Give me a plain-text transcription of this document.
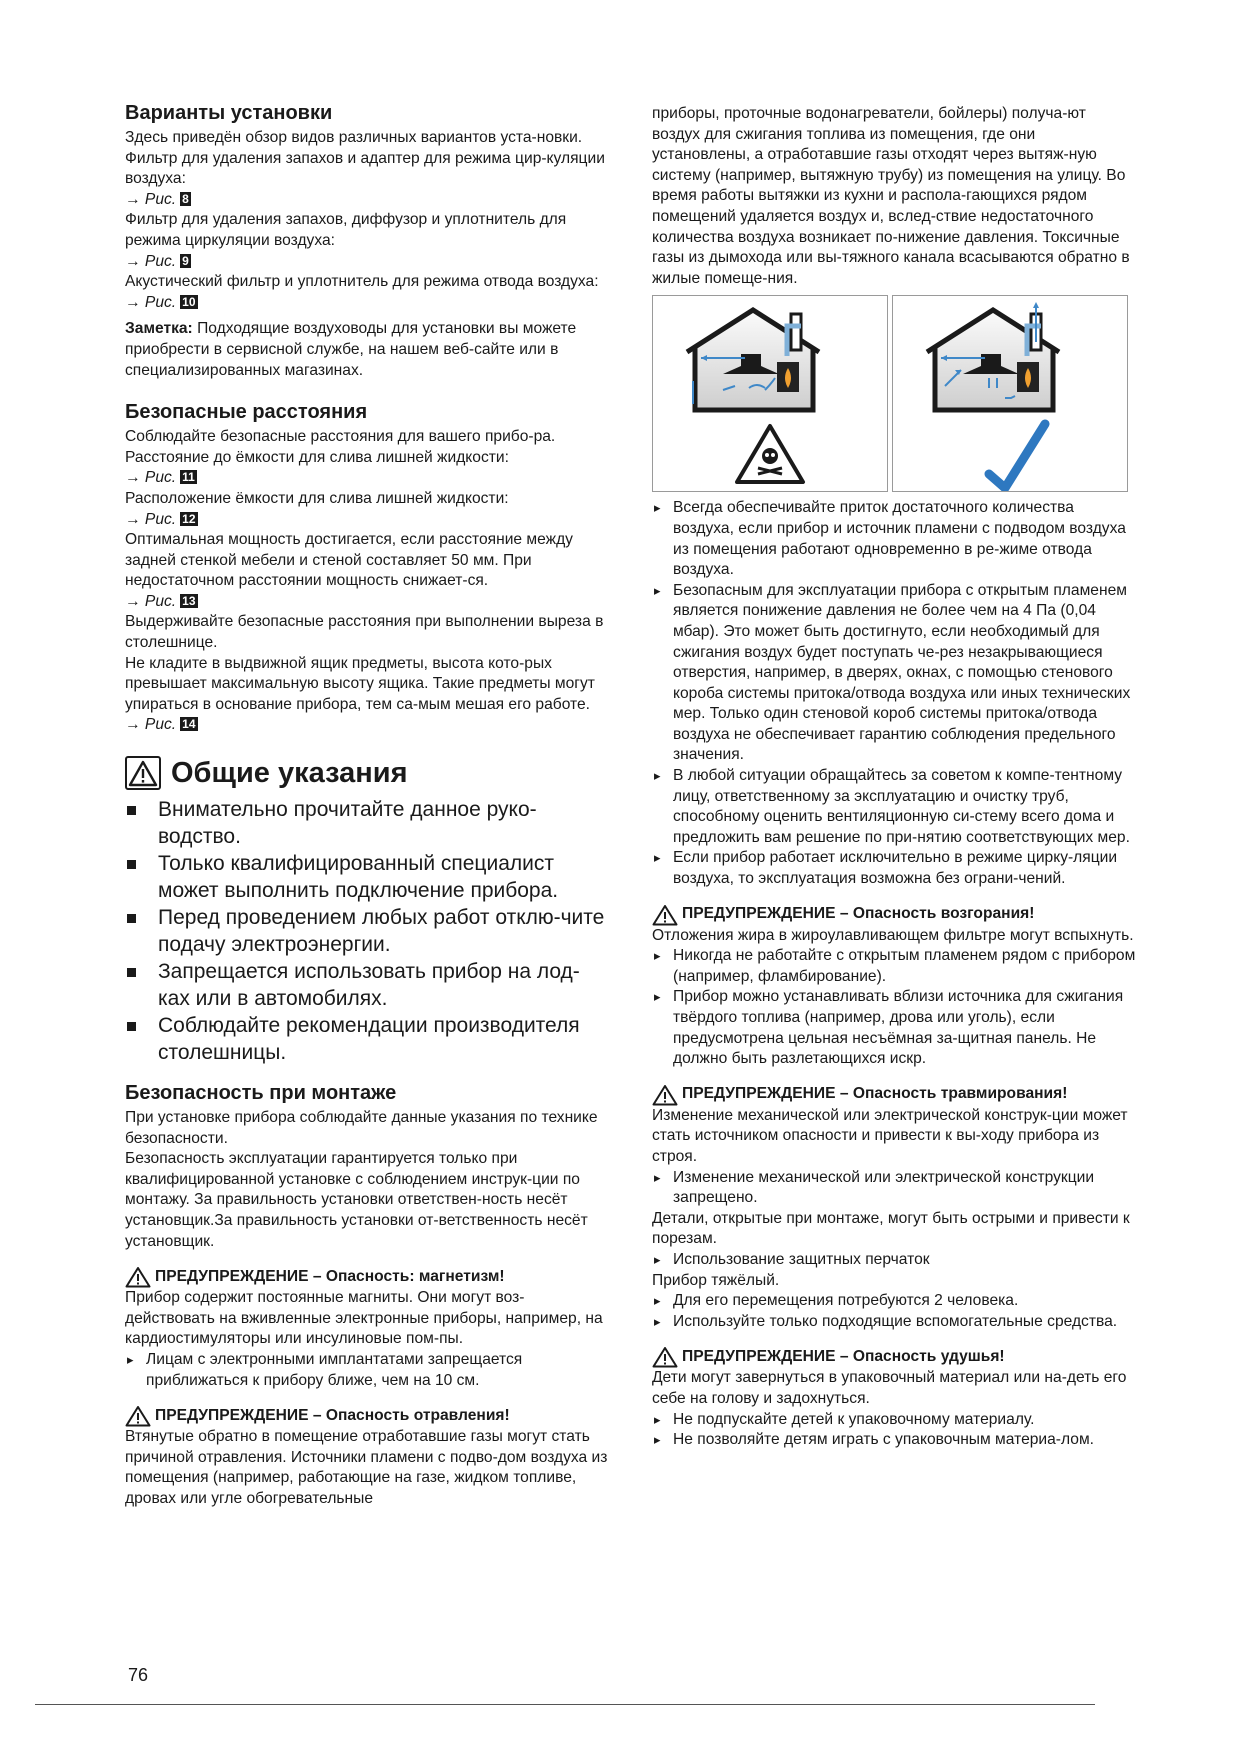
Варианты установки

Здесь приведён обзор видов различных вариантов уста-новки.

Фильтр для удаления запахов и адаптер для режима цир-куляции воздуха:

→ Рис. 8

Фильтр для удаления запахов, диффузор и уплотнитель для режима циркуляции воздуха:

→ Рис. 9

Акустический фильтр и уплотнитель для режима отвода воздуха:

→ Рис. 10

Заметка: Подходящие воздуховоды для установки вы можете приобрести в сервисной службе, на нашем веб-сайте или в специализированных магазинах.

Безопасные расстояния

Соблюдайте безопасные расстояния для вашего прибо-ра.

Расстояние до ёмкости для слива лишней жидкости:

→ Рис. 11

Расположение ёмкости для слива лишней жидкости:

→ Рис. 12

Оптимальная мощность достигается, если расстояние между задней стенкой мебели и стеной составляет 50 мм. При недостаточном расстоянии мощность снижает-ся.

→ Рис. 13

Выдерживайте безопасные расстояния при выполнении выреза в столешнице.

Не кладите в выдвижной ящик предметы, высота кото-рых превышает максимальную высоту ящика. Такие предметы могут упираться в основание прибора, тем са-мым мешая его работе.

→ Рис. 14

Общие указания
Внимательно прочитайте данное руко-водство.
Только квалифицированный специалист может выполнить подключение прибора.
Перед проведением любых работ отклю-чите подачу электроэнергии.
Запрещается использовать прибор на лод-ках или в автомобилях.
Соблюдайте рекомендации производителя столешницы.
Безопасность при монтаже

При установке прибора соблюдайте данные указания по технике безопасности.

Безопасность эксплуатации гарантируется только при квалифицированной установке с соблюдением инструк-ции по монтажу. За правильность установки ответствен-ность несёт установщик.За правильность установки от-ветственность несёт установщик.

ПРЕДУПРЕЖДЕНИЕ – Опасность: магнетизм!

Прибор содержит постоянные магниты. Они могут воз-действовать на вживленные электронные приборы, например, на кардиостимуляторы или инсулиновые пом-пы.

▸ Лицам с электронными имплантатами запрещается приближаться к прибору ближе, чем на 10 см.
ПРЕДУПРЕЖДЕНИЕ – Опасность отравления!

Втянутые обратно в помещение отработавшие газы могут стать причиной отравления. Источники пламени с подво-дом воздуха из помещения (например, работающие на газе, жидком топливе, дровах или угле обогревательные

приборы, проточные водонагреватели, бойлеры) получа-ют воздух для сжигания топлива из помещения, где они установлены, а отработавшие газы отходят через вытяж-ную систему (например, вытяжную трубу) из помещения на улицу. Во время работы вытяжки из кухни и распола-гающихся рядом помещений удаляется воздух и, вслед-ствие недостаточного количества воздуха возникает по-нижение давления. Токсичные газы из дымохода или вы-тяжного канала всасываются обратно в жилые помеще-ния.

▸ Всегда обеспечивайте приток достаточного количества воздуха, если прибор и источник пламени с подводом воздуха из помещения работают одновременно в ре-жиме отвода воздуха.
▸ Безопасным для эксплуатации прибора с открытым пламенем является понижение давления не более чем на 4 Па (0,04 мбар). Это может быть достигнуто, если необходимый для сжигания воздух будет поступать че-рез незакрывающиеся отверстия, например, в дверях, окнах, с помощью стенового короба системы притока/отвода воздуха или иных технических мер. Только один стеновой короб системы притока/отвода воздуха не обеспечивает гарантию соблюдения предельного значения.
▸ В любой ситуации обращайтесь за советом к компе-тентному лицу, ответственному за эксплуатацию и очистку труб, способному оценить вентиляционную си-стему всего дома и предложить вам решение по при-нятию соответствующих мер.
▸ Если прибор работает исключительно в режиме цирку-ляции воздуха, то эксплуатация возможна без ограни-чений.
ПРЕДУПРЕЖДЕНИЕ – Опасность возгорания!

Отложения жира в жироулавливающем фильтре могут вспыхнуть.

▸ Никогда не работайте с открытым пламенем рядом с прибором (например, фламбирование).
▸ Прибор можно устанавливать вблизи источника для сжигания твёрдого топлива (например, дрова или уголь), если предусмотрена цельная несъёмная за-щитная панель. Не должно быть разлетающихся искр.
ПРЕДУПРЕЖДЕНИЕ – Опасность травмирования!

Изменение механической или электрической конструк-ции может стать источником опасности и привести к вы-ходу прибора из строя.

▸ Изменение механической или электрической конструкции запрещено.

Детали, открытые при монтаже, могут быть острыми и привести к порезам.

▸ Использование защитных перчаток

Прибор тяжёлый.

▸ Для его перемещения потребуются 2 человека.
▸ Используйте только подходящие вспомогательные средства.
ПРЕДУПРЕЖДЕНИЕ – Опасность удушья!

Дети могут завернуться в упаковочный материал или на-деть его себе на голову и задохнуться.

▸ Не подпускайте детей к упаковочному материалу.
▸ Не позволяйте детям играть с упаковочным материа-лом.
76
